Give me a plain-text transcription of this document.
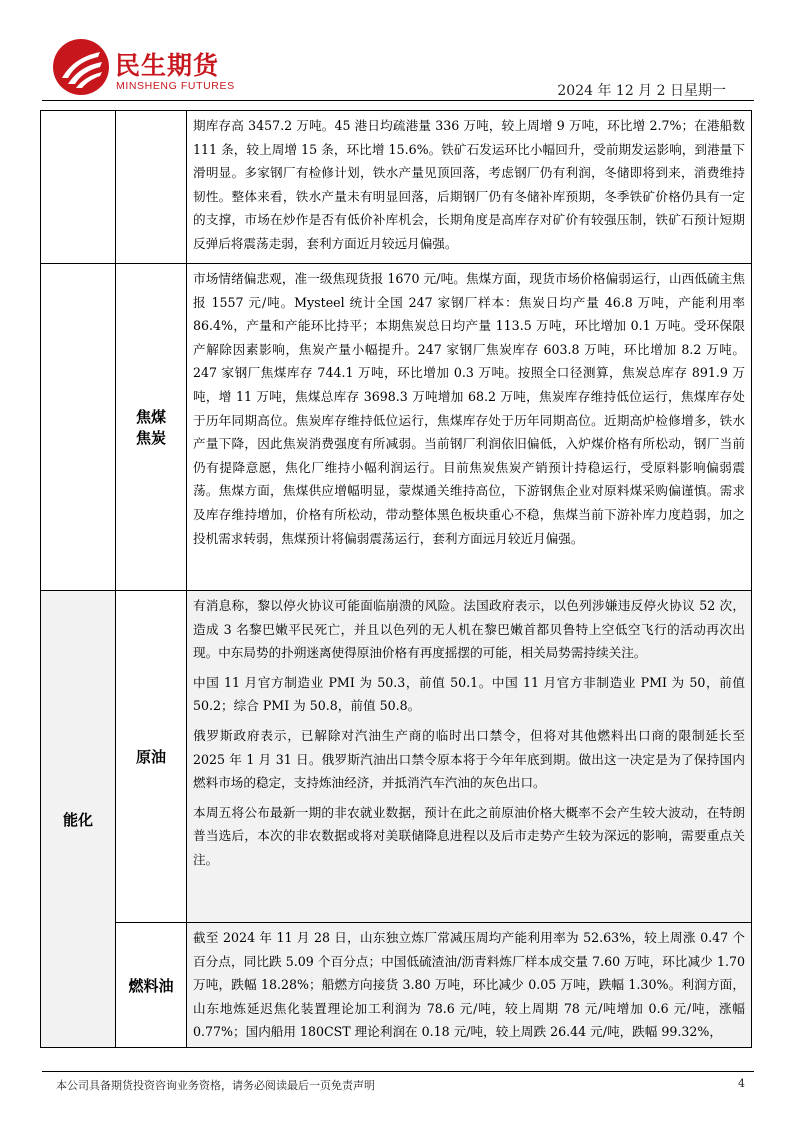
民生期货
MINSHENG FUTURES	2024 年 12 月 2 日星期一

期库存高 3457.2 万吨。45 港日均疏港量 336 万吨，较上周增 9 万吨，环比增 2.7%；在港船数 111 条，较上周增 15 条，环比增 15.6%。铁矿石发运环比小幅回升，受前期发运影响，到港量下滑明显。多家钢厂有检修计划，铁水产量见顶回落，考虑钢厂仍有利润，冬储即将到来，消费维持韧性。整体来看，铁水产量未有明显回落，后期钢厂仍有冬储补库预期，冬季铁矿价格仍具有一定的支撑，市场在炒作是否有低价补库机会，长期角度是高库存对矿价有较强压制，铁矿石预计短期反弹后将震荡走弱，套利方面近月较远月偏强。

焦煤
焦炭

市场情绪偏悲观，准一级焦现货报 1670 元/吨。焦煤方面，现货市场价格偏弱运行，山西低硫主焦报 1557 元/吨。Mysteel 统计全国 247 家钢厂样本：焦炭日均产量 46.8 万吨，产能利用率 86.4%，产量和产能环比持平；本期焦炭总日均产量 113.5 万吨，环比增加 0.1 万吨。受环保限产解除因素影响，焦炭产量小幅提升。247 家钢厂焦炭库存 603.8 万吨，环比增加 8.2 万吨。247 家钢厂焦煤库存 744.1 万吨，环比增加 0.3 万吨。按照全口径测算，焦炭总库存 891.9 万吨，增 11 万吨，焦煤总库存 3698.3 万吨增加 68.2 万吨，焦炭库存维持低位运行，焦煤库存处于历年同期高位。焦炭库存维持低位运行，焦煤库存处于历年同期高位。近期高炉检修增多，铁水产量下降，因此焦炭消费强度有所减弱。当前钢厂利润依旧偏低，入炉煤价格有所松动，钢厂当前仍有提降意愿，焦化厂维持小幅利润运行。目前焦炭焦炭产销预计持稳运行，受原料影响偏弱震荡。焦煤方面，焦煤供应增幅明显，蒙煤通关维持高位，下游钢焦企业对原料煤采购偏谨慎。需求及库存维持增加，价格有所松动，带动整体黑色板块重心不稳，焦煤当前下游补库力度趋弱，加之投机需求转弱，焦煤预计将偏弱震荡运行，套利方面远月较近月偏强。

能化
原油

有消息称，黎以停火协议可能面临崩溃的风险。法国政府表示，以色列涉嫌违反停火协议 52 次，造成 3 名黎巴嫩平民死亡，并且以色列的无人机在黎巴嫩首都贝鲁特上空低空飞行的活动再次出现。中东局势的扑朔迷离使得原油价格有再度摇摆的可能，相关局势需持续关注。

中国 11 月官方制造业 PMI 为 50.3，前值 50.1。中国 11 月官方非制造业 PMI 为 50，前值 50.2；综合 PMI 为 50.8，前值 50.8。

俄罗斯政府表示，已解除对汽油生产商的临时出口禁令，但将对其他燃料出口商的限制延长至 2025 年 1 月 31 日。俄罗斯汽油出口禁令原本将于今年年底到期。做出这一决定是为了保持国内燃料市场的稳定，支持炼油经济，并抵消汽车汽油的灰色出口。

本周五将公布最新一期的非农就业数据，预计在此之前原油价格大概率不会产生较大波动，在特朗普当选后，本次的非农数据或将对美联储降息进程以及后市走势产生较为深远的影响，需要重点关注。

燃料油

截至 2024 年 11 月 28 日，山东独立炼厂常减压周均产能利用率为 52.63%，较上周涨 0.47 个百分点，同比跌 5.09 个百分点；中国低硫渣油/沥青料炼厂样本成交量 7.60 万吨，环比减少 1.70 万吨，跌幅 18.28%；船燃方向接货 3.80 万吨，环比减少 0.05 万吨，跌幅 1.30%。利润方面，山东地炼延迟焦化装置理论加工利润为 78.6 元/吨，较上周期 78 元/吨增加 0.6 元/吨，涨幅 0.77%；国内船用 180CST 理论利润在 0.18 元/吨，较上周跌 26.44 元/吨，跌幅 99.32%，

本公司具备期货投资咨询业务资格，请务必阅读最后一页免责声明	4
